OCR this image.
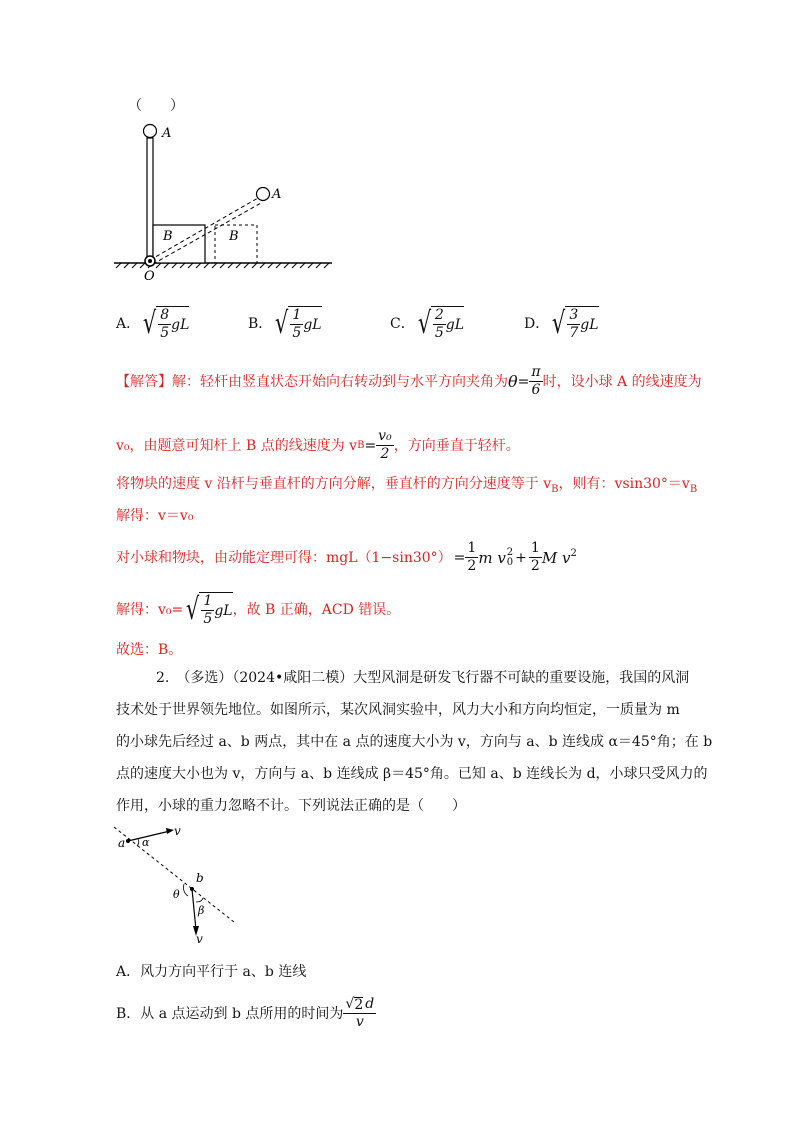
（　　）
A
A
B	B
O
A． √ $\frac{8}{5}$ gL	B． √ $\frac{1}{5}$ gL	C． √ $\frac{2}{5}$ gL	D． √ $\frac{3}{7}$ gL
【解答】 解：轻杆由竖直状态开始向右转动到与水平方向夹角为 $\theta = \frac{\pi}{6}$ 时，设小球 A 的线速度为
v₀，由题意可知杆上 B 点的线速度为 v $B = \frac{\text{v₀}}{2}$ ，方向垂直于轻杆。
将物块的速度 v 沿杆与垂直杆的方向分解，垂直杆的方向分速度等于 $v_B$，则有：$vsin30^\circ=v_B$
解得：v＝v₀
对小球和物块，由动能定理可得：$mgL(1-\sin 30^\circ) = \frac{1}{2}$ m v 2
$0 + \frac{1}{2}$ M $v^2$
解得：v₀= √ $\frac{1}{5}$ gL ，故 B 正确，ACD 错误。
故选：B。
2.　（多选）（2024•咸阳二模）大型风洞是研发飞行器不可缺的重要设施，我国的风洞
技术处于世界领先地位。如图所示，某次风洞实验中，风力大小和方向均恒定，一质量为 m
的小球先后经过 a、b 两点，其中在 a 点的速度大小为 v，方向与 a、b 连线成 α＝45°角；在 b
点的速度大小也为 v，方向与 a、b 连线成 β＝45°角。已知 a、b 连线长为 d，小球只受风力的
作用，小球的重力忽略不计。下列说法正确的是（　　）
a α
v
b
θ
β
v
A．风力方向平行于 a、b 连线
B．从 a 点运动到 b 点所用的时间为 $\frac{√ 2 d}{v}$
